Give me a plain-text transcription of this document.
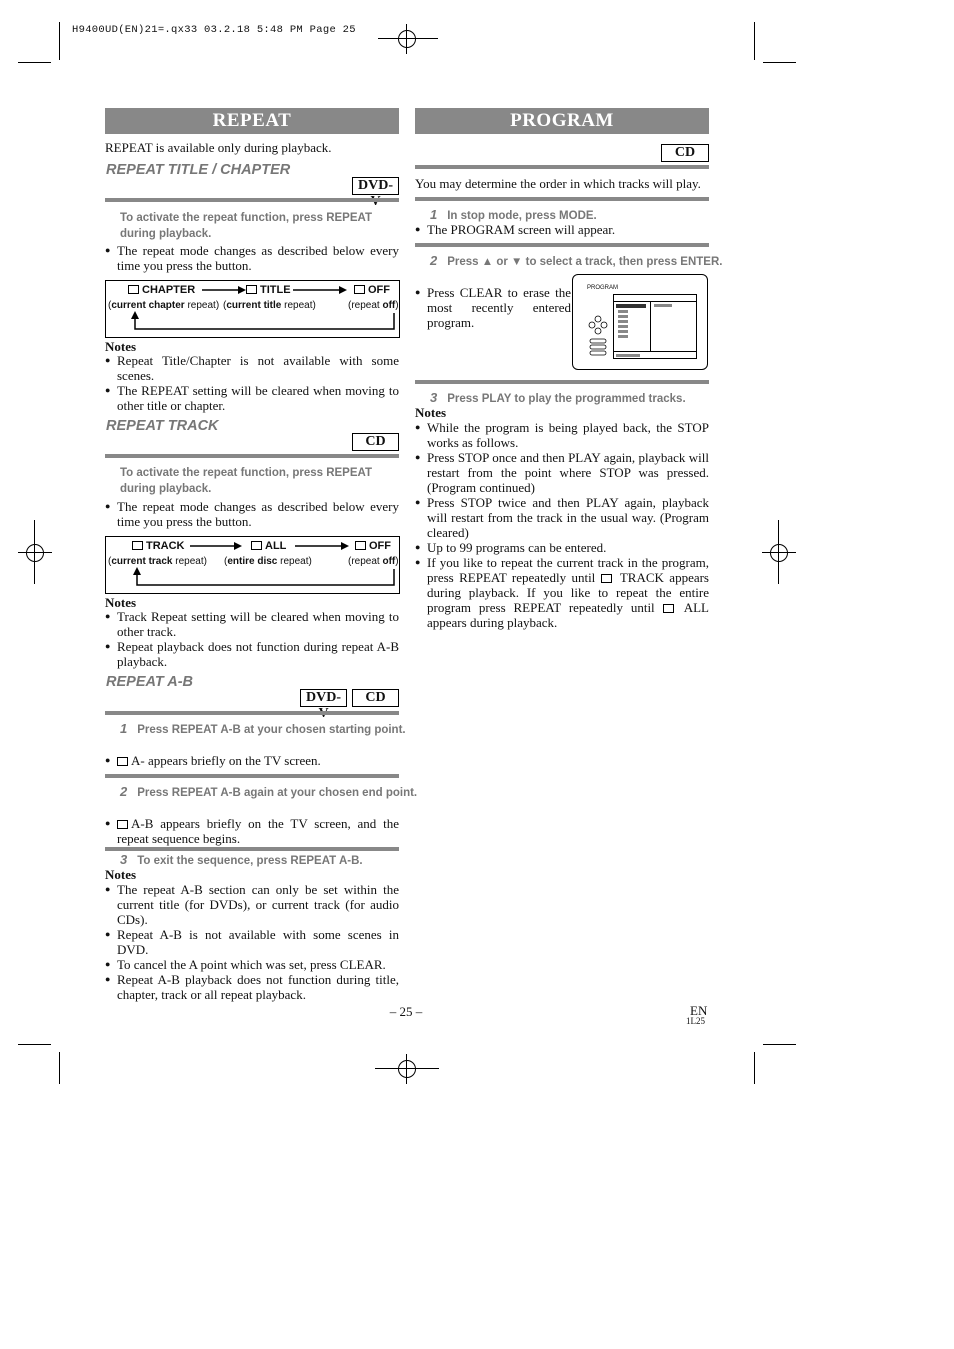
H9400UD(EN)21=.qx33 03.2.18 5:48 PM Page 25
REPEAT
REPEAT is available only during playback.
REPEAT TITLE / CHAPTER
DVD-
To activate the repeat function, press REPEAT during playback.
● The repeat mode changes as described below every time you press the button.
CHAPTER	TITLE	OFF
(current chapter repeat) (current title repeat)	(repeat off)
Notes
● Repeat Title/Chapter is not available with some scenes.
● The REPEAT setting will be cleared when moving to other title or chapter.
REPEAT TRACK
CD
To activate the repeat function, press REPEAT during playback.
● The repeat mode changes as described below every time you press the button.
TRACK	ALL	OFF
(current track repeat) (entire disc repeat)	(repeat off)
Notes
● Track Repeat setting will be cleared when moving to other track.
● Repeat playback does not function during repeat A-B playback.
REPEAT A-B
DVD-	CD
1 Press REPEAT A-B at your chosen starting point.
● A- appears briefly on the TV screen.
2 Press REPEAT A-B again at your chosen end point.
● A-B appears briefly on the TV screen, and the repeat sequence begins.
3 To exit the sequence, press REPEAT A-B.
Notes
● The repeat A-B section can only be set within the current title (for DVDs), or current track (for audio CDs).
● Repeat A-B is not available with some scenes in DVD.
● To cancel the A point which was set, press CLEAR.
● Repeat A-B playback does not function during title, chapter, track or all repeat playback.
PROGRAM
CD
You may determine the order in which tracks will play.
1 In stop mode, press MODE.
● The PROGRAM screen will appear.
2 Press ▲ or ▼ to select a track, then press ENTER.
● Press CLEAR to erase the most recently entered program.
PROGRAM
3 Press PLAY to play the programmed tracks.
Notes
● While the program is being played back, the STOP works as follows.
● Press STOP once and then PLAY again, playback will restart from the point where STOP was pressed. (Program continued)
● Press STOP twice and then PLAY again, playback will restart from the track in the usual way. (Program cleared)
● Up to 99 programs can be entered.
● If you like to repeat the current track in the program, press REPEAT repeatedly until  TRACK appears during playback. If you like to repeat the entire program press REPEAT repeatedly until  ALL appears during playback.
– 25 –	EN
1L25
